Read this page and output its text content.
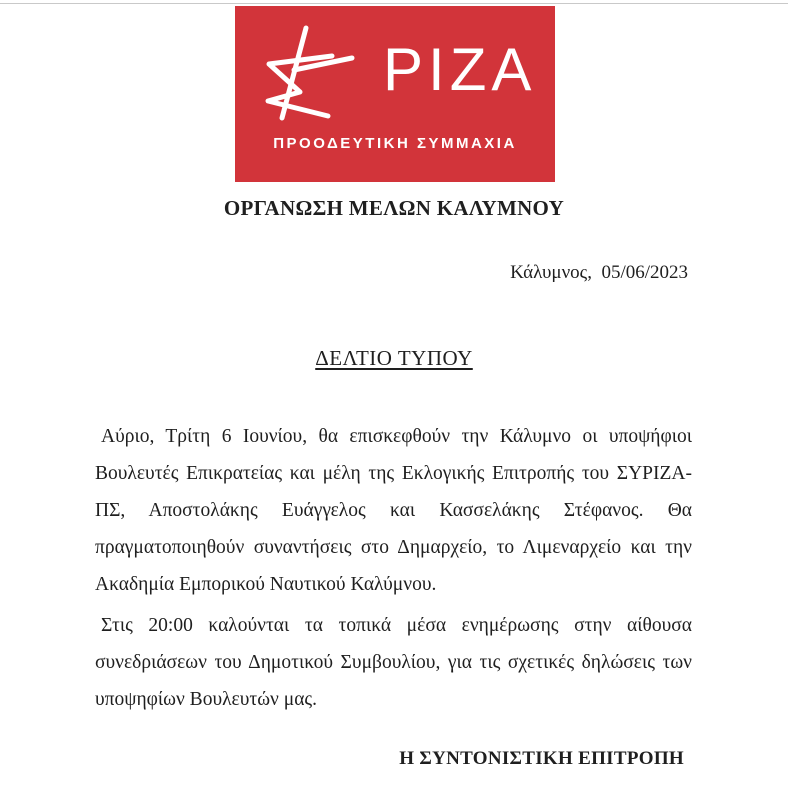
ΡΙΖΑ
ΠΡΟΟΔΕΥΤΙΚΗ ΣΥΜΜΑΧΙΑ
ΟΡΓΑΝΩΣΗ ΜΕΛΩΝ ΚΑΛΥΜΝΟΥ
Κάλυμνος,  05/06/2023
ΔΕΛΤΙΟ ΤΥΠΟΥ

Αύριο, Τρίτη 6 Ιουνίου, θα επισκεφθούν την Κάλυμνο οι υποψήφιοι Βουλευτές Επικρατείας και μέλη της Εκλογικής Επιτροπής του ΣΥΡΙΖΑ-ΠΣ, Αποστολάκης Ευάγγελος και Κασσελάκης Στέφανος. Θα πραγματοποιηθούν συναντήσεις στο Δημαρχείο, το Λιμεναρχείο και την Ακαδημία Εμπορικού Ναυτικού Καλύμνου.

Στις 20:00 καλούνται τα τοπικά μέσα ενημέρωσης στην αίθουσα συνεδριάσεων του Δημοτικού Συμβουλίου, για τις σχετικές δηλώσεις των υποψηφίων Βουλευτών μας.

Η ΣΥΝΤΟΝΙΣΤΙΚΗ ΕΠΙΤΡΟΠΗ
